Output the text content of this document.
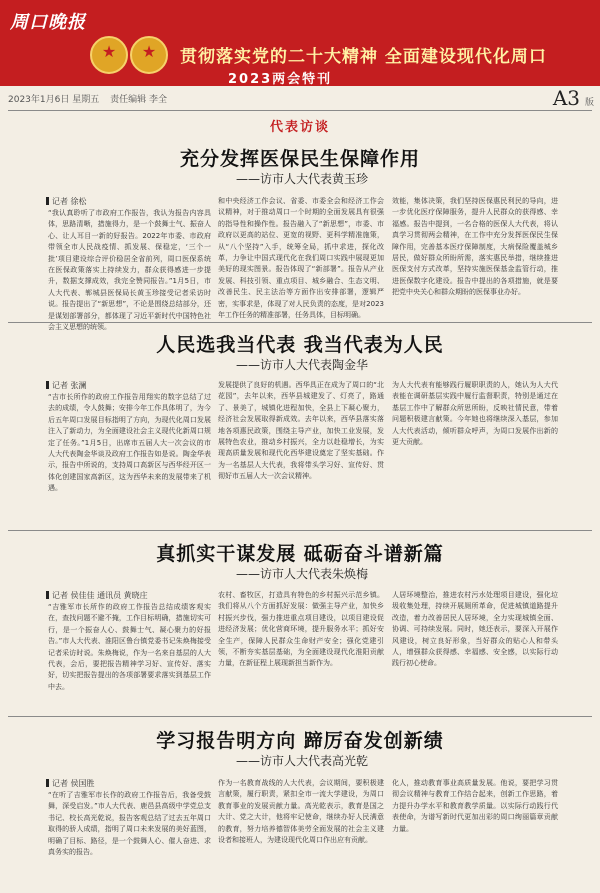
周口晚报
★	★	贯彻落实党的二十大精神 全面建设现代化周口
2023两会特刊
2023年1月6日 星期五 责任编辑 李全	A3 版
代表访谈
充分发挥医保民生保障作用
——访市人大代表黄玉珍
记者 徐松
“我认真聆听了市政府工作报告，我认为报告内容具体，思路清晰，措施得力，是一个鼓舞士气、振奋人心、让人耳目一新的好报告。2022年市委、市政府带领全市人民战疫情、抓发展、保稳定，‘三个一批’项目建设综合评价稳居全省前列，周口医保系统在医保政策落实上持续发力，群众获得感进一步提升，数据支撑成效，我完全赞同报告。”1月5日，市人大代表、郸城县医保局长黄玉珍接受记者采访时说。报告提出了“新思想”，不论是围绕总结部分，还是谋划部署部分，都体现了习近平新时代中国特色社会主义思想的统领。
和中央经济工作会议、省委、市委全会和经济工作会议精神，对于推动周口一个时期的全面发展具有很强的指导性和操作性。报告融入了“新思想”，市委、市政府以更高的站位、更宽的视野、更科学精准施策，从“八个坚持”入手，统筹全局，抓中求进，探化改革，力争让中国式现代化在我们周口实践中展现更加美好的现实图景。报告体现了“新部署”。报告从产业发展、科技引领、重点项目、城乡融合、生态文明、改善民生、民主法治等方面作出安排部署，逻辑严密，实事求是，体现了对人民负责的态度，是对2023年工作任务的精准部署，任务具体，目标明确。
效能，集体决策，我们坚持医保惠民利民的导向，进一步优化医疗保障服务，提升人民群众的获得感、幸福感。报告中提到，一名合格的医保人大代表，将认真学习贯彻两会精神，在工作中充分发挥医保民生保障作用，完善基本医疗保障制度，大病保险覆盖城乡居民，做好群众所盼所需，落实惠民举措，继续推进医保支付方式改革，坚持实施医保基金监管行动，推进医保数字化建设。报告中提出的各项措施，就是要把党中央关心和群众期盼的医保事业办好。
人民选我当代表 我当代表为人民
——访市人大代表陶金华
记者 张澜
“吉市长所作的政府工作报告用翔实的数字总结了过去的成绩，令人鼓舞；安排今年工作具体明了，为今后五年周口发展目标指明了方向，为现代化周口发展注入了新动力，为全面建设社会主义现代化新周口规定了任务。”1月5日，出席市五届人大一次会议的市人大代表陶金华谈及政府工作报告如是说。陶金华表示，报告中所说的，支持周口高新区与西华经开区一体化创建国家高新区，这为西华未来的发展带来了机遇。
发展提供了良好的机遇。西华具正在成为了周口的“北花园”，去年以来，西华县城建发了、灯亮了，路通了、景美了，城镇化进程加快，全县上下凝心聚力，经济社会发展取得新成效。去年以来，西华县落实落地各项惠民政策，围绕主导产业，加快工业发展，发展特色农业，推动乡村振兴，全力以赴稳增长，为实现高质量发展和现代化西华建设奠定了坚实基础。作为一名基层人大代表，我将带头学习好、宣传好、贯彻好市五届人大一次会议精神。
为人大代表有能够践行履职职责的人，她认为人大代表能在调研基层实践中履行监督职责，特别是通过在基层工作中了解群众所思所盼，反映社情民意，带着问题积极建言献策。今年她也将继续深入基层，参加人大代表活动，倾听群众呼声，为周口发展作出新的更大贡献。
真抓实干谋发展 砥砺奋斗谱新篇
——访市人大代表朱焕梅
记者 侯佳佳 通讯员 黄晓庄
“吉雅军市长所作的政府工作报告总结成绩客观实在，查找问题不避不掩，工作目标明确，措施切实可行，是一个振奋人心、鼓舞士气、凝心聚力的好报告。”市人大代表、淮阳区鲁台镇党委书记朱焕梅接受记者采访时说。朱焕梅说，作为一名来自基层的人大代表，会后，要把报告精神学习好、宣传好、落实好，切实把报告提出的各项部署要求落实到基层工作中去。
农村、畜牧区，打造具有特色的乡村振兴示范乡镇。我们将从八个方面抓好发展：做强主导产业，加快乡村振兴步伐，强力推进重点项目建设，以项目建设促进经济发展；优化营商环境，提升服务水平；抓好安全生产，保障人民群众生命财产安全；强化党建引领，不断夯实基层基础，为全面建设现代化淮阳贡献力量，在新征程上展现新担当新作为。
人居环境整治，推进农村污水处理项目建设，强化垃圾收集处理，持续开展厕所革命，促进城镇道路提升改造，着力改善居民人居环境，全力实现城镇全面、协调、可持续发展。同时，她还表示，要深入开展作风建设，树立良好形象，当好群众的贴心人和带头人，增强群众获得感、幸福感、安全感，以实际行动践行初心使命。
学习报告明方向 蹄厉奋发创新绩
——访市人大代表高光乾
记者 侯国胜
“在听了吉雅军市长作的政府工作报告后，我备受鼓舞，深受启发。”市人大代表、鹿邑县高级中学党总支书记、校长高光乾说，报告客观总结了过去五年周口取得的骄人成绩，指明了周口未来发展的美好蓝图，明确了目标、路径，是一个鼓舞人心、催人奋进、求真务实的报告。
作为一名教育战线的人大代表，会议期间，要积极建言献策，履行职责，紧扣全市一流大学建设，为周口教育事业的发展贡献力量。高光乾表示，教育是国之大计、党之大计，他将牢记使命，继续办好人民满意的教育，努力培养德智体美劳全面发展的社会主义建设者和接班人，为建设现代化周口作出应有贡献。
化人，推动教育事业高质量发展。他说，要把学习贯彻会议精神与教育工作结合起来，创新工作思路，着力提升办学水平和教育教学质量。以实际行动践行代表使命，为谱写新时代更加出彩的周口绚丽篇章贡献力量。
